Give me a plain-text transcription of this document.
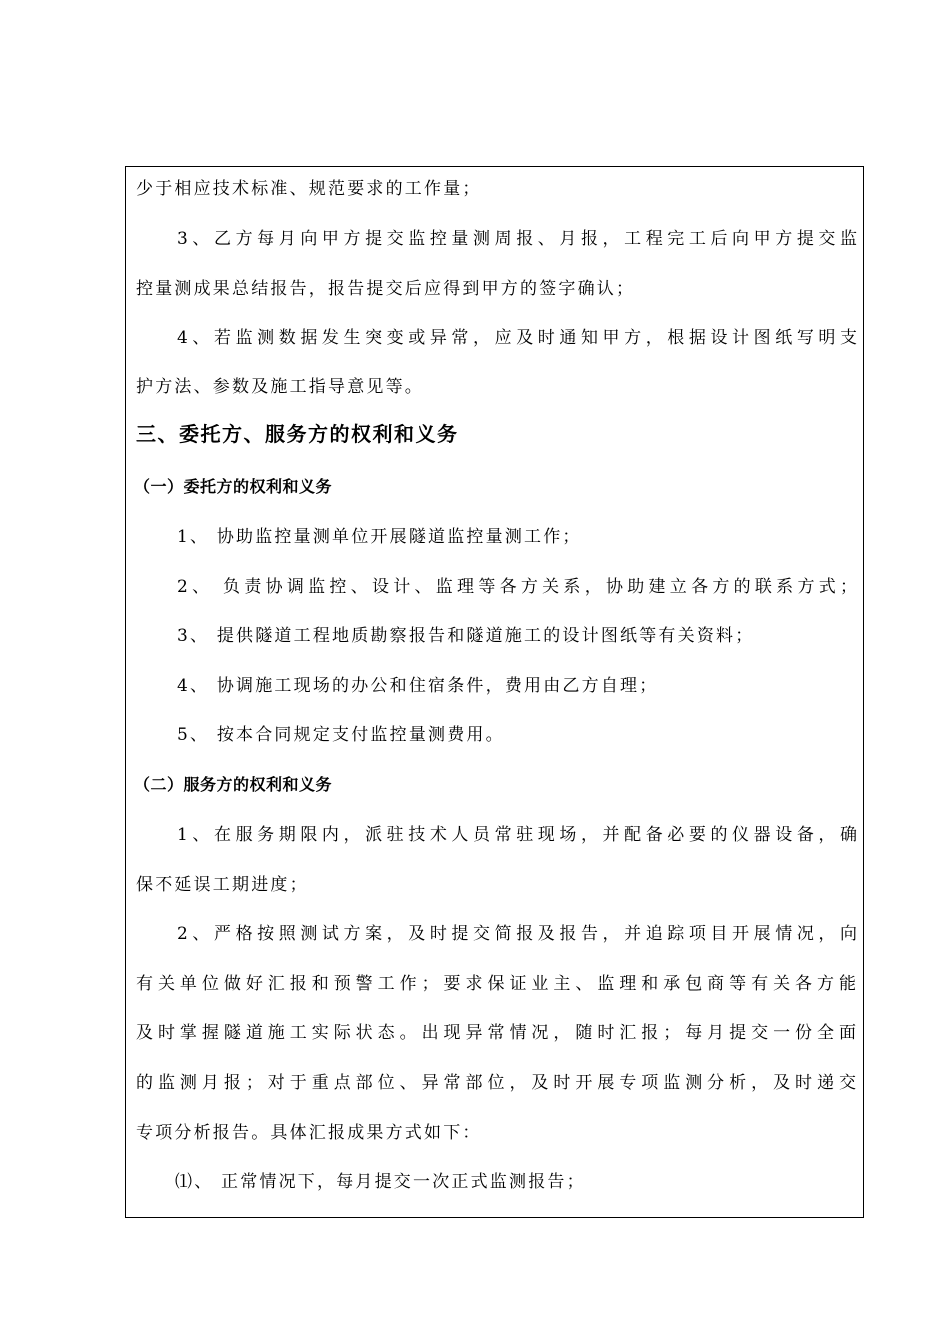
少于相应技术标准、规范要求的工作量；
3、乙方每月向甲方提交监控量测周报、月报，工程完工后向甲方提交监
控量测成果总结报告，报告提交后应得到甲方的签字确认；
4、若监测数据发生突变或异常，应及时通知甲方，根据设计图纸写明支
护方法、参数及施工指导意见等。
三、委托方、服务方的权利和义务
（一）委托方的权利和义务
1、 协助监控量测单位开展隧道监控量测工作；
2、 负责协调监控、设计、监理等各方关系，协助建立各方的联系方式；
3、 提供隧道工程地质勘察报告和隧道施工的设计图纸等有关资料；
4、 协调施工现场的办公和住宿条件，费用由乙方自理；
5、 按本合同规定支付监控量测费用。
（二）服务方的权利和义务
1、在服务期限内，派驻技术人员常驻现场，并配备必要的仪器设备，确
保不延误工期进度；
2、严格按照测试方案，及时提交简报及报告，并追踪项目开展情况，向
有关单位做好汇报和预警工作；要求保证业主、监理和承包商等有关各方能
及时掌握隧道施工实际状态。出现异常情况，随时汇报；每月提交一份全面
的监测月报；对于重点部位、异常部位，及时开展专项监测分析，及时递交
专项分析报告。具体汇报成果方式如下：
⑴、 正常情况下，每月提交一次正式监测报告；
